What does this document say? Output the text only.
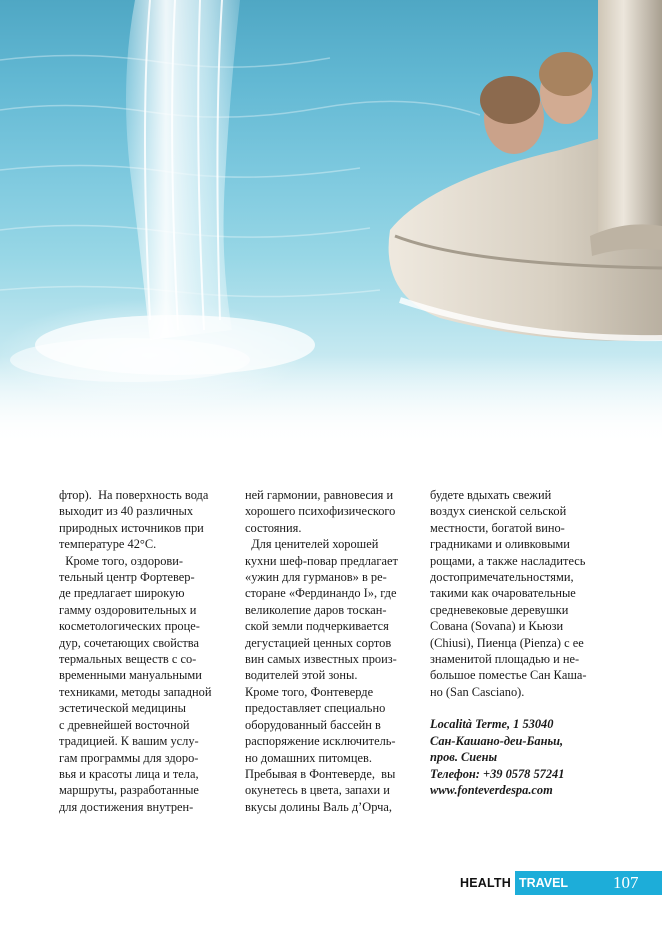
фтор).  На поверхность вода

выходит из 40 различных

природных источников при

температуре 42°С.

Кроме того, оздорови-

тельный центр Фортевер-

де предлагает широкую

гамму оздоровительных и

косметологических проце-

дур, сочетающих свойства

термальных веществ с со-

временными мануальными

техниками, методы западной

эстетической медицины

с древнейшей восточной

традицией. К вашим услу-

гам программы для здоро-

вья и красоты лица и тела,

маршруты, разработанные

для достижения внутрен-

ней гармонии, равновесия и

хорошего психофизического

состояния.

Для ценителей хорошей

кухни шеф-повар предлагает

«ужин для гурманов» в ре-

сторане «Фердинандо I», где

великолепие даров тоскан-

ской земли подчеркивается

дегустацией ценных сортов

вин самых известных произ-

водителей этой зоны.

Кроме того, Фонтеверде

предоставляет специально

оборудованный бассейн в

распоряжение исключитель-

но домашних питомцев.

Пребывая в Фонтеверде,  вы

окунетесь в цвета, запахи и

вкусы долины Валь д’Орча,

будете вдыхать свежий

воздух сиенской сельской

местности, богатой вино-

градниками и оливковыми

рощами, а также насладитесь

достопримечательностями,

такими как очаровательные

средневековые деревушки

Сована (Sovana) и Кьюзи

(Chiusi), Пиенца (Pienza) с ее

знаменитой площадью и не-

большое поместье Сан Кaша-

но (San Casciano).

Località Terme, 1 53040

Сан-Кашано-деи-Баньи,

пров. Сиены

Телефон: +39 0578 57241

www.fonteverdespa.com

HEALTH TRAVEL	107
